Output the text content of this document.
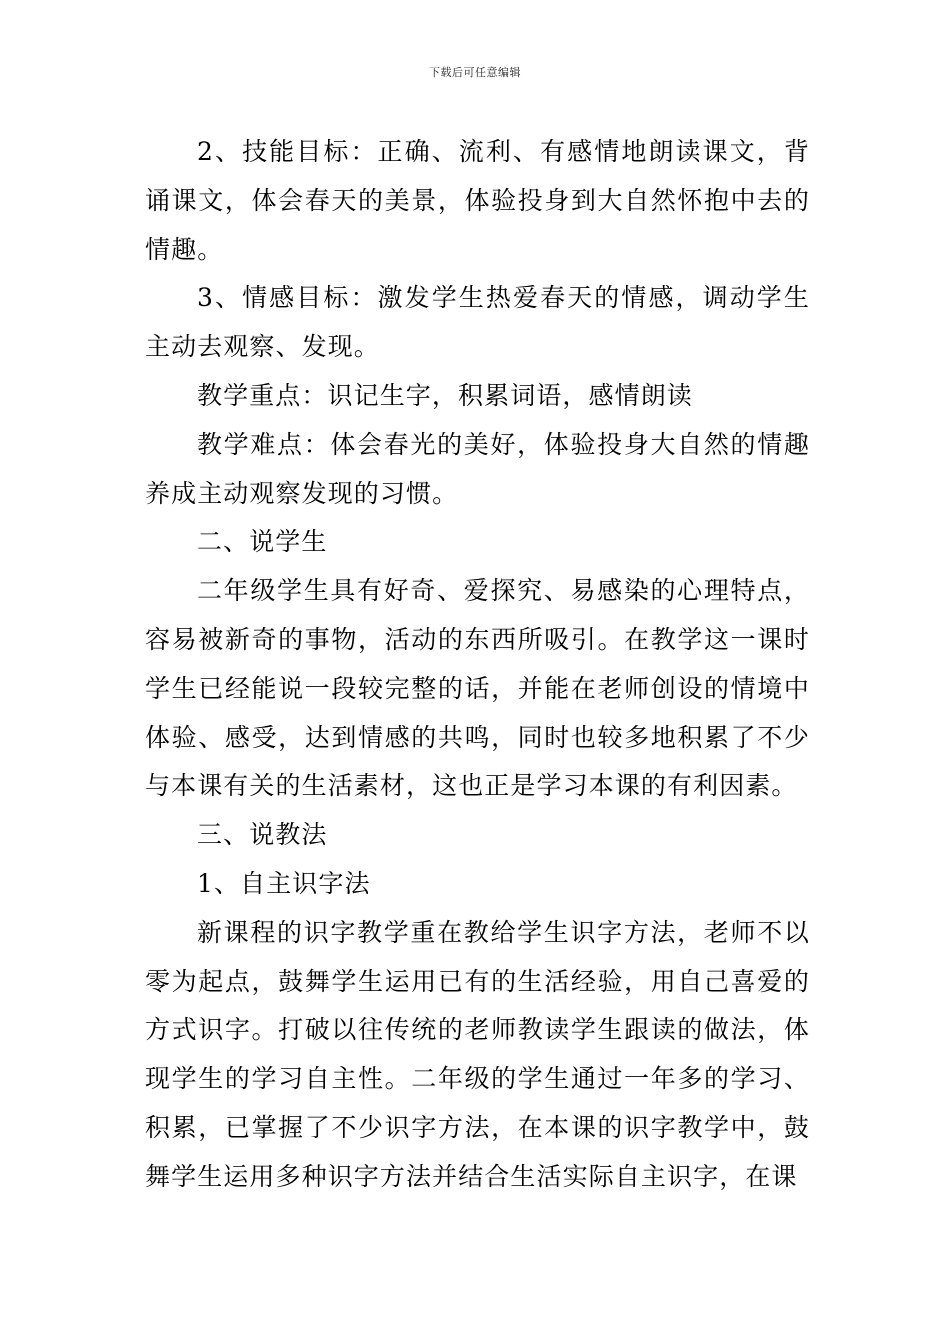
下载后可任意编辑

2、技能目标：正确、流利、有感情地朗读课文，背诵课文，体会春天的美景，体验投身到大自然怀抱中去的情趣。

3、情感目标：激发学生热爱春天的情感，调动学生主动去观察、发现。

教学重点：识记生字，积累词语，感情朗读

教学难点：体会春光的美好，体验投身大自然的情趣养成主动观察发现的习惯。

二、说学生

二年级学生具有好奇、爱探究、易感染的心理特点，容易被新奇的事物，活动的东西所吸引。在教学这一课时学生已经能说一段较完整的话，并能在老师创设的情境中体验、感受，达到情感的共鸣，同时也较多地积累了不少与本课有关的生活素材，这也正是学习本课的有利因素。

三、说教法

1、自主识字法

新课程的识字教学重在教给学生识字方法，老师不以零为起点，鼓舞学生运用已有的生活经验，用自己喜爱的方式识字。打破以往传统的老师教读学生跟读的做法，体现学生的学习自主性。二年级的学生通过一年多的学习、积累，已掌握了不少识字方法，在本课的识字教学中，鼓舞学生运用多种识字方法并结合生活实际自主识字，在课
